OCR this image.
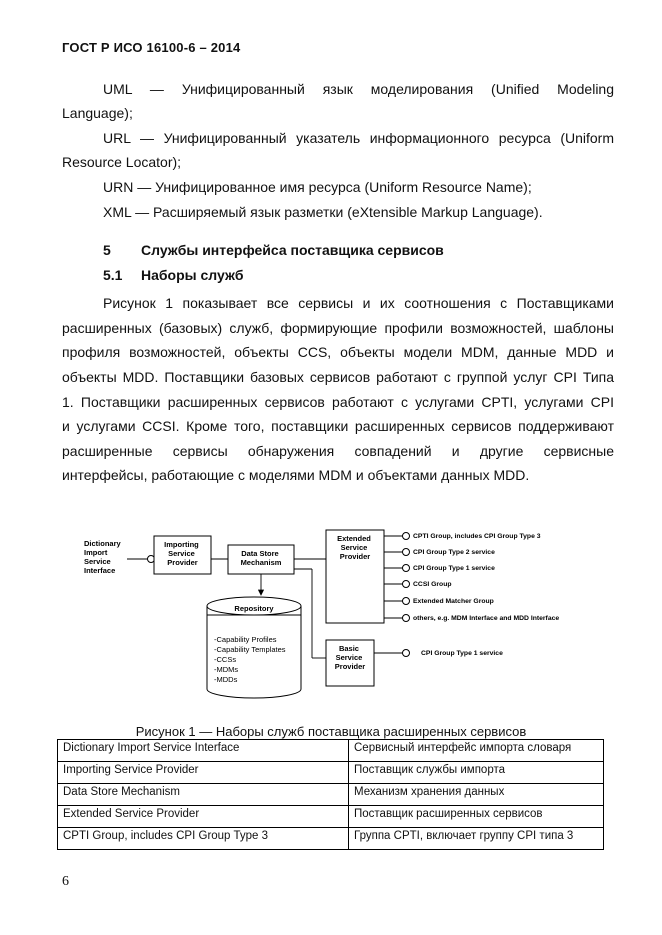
ГОСТ Р ИСО 16100-6 – 2014
UML — Унифицированный язык моделирования (Unified Modeling
Language);
URL — Унифицированный указатель информационного ресурса (Uniform
Resource Locator);
URN — Унифицированное имя ресурса (Uniform Resource Name);
XML — Расширяемый язык разметки (eXtensible Markup Language).
5 Службы интерфейса поставщика сервисов
5.1 Наборы служб
Рисунок 1 показывает все сервисы и их соотношения с Поставщиками
расширенных (базовых) служб, формирующие профили возможностей, шаблоны
профиля возможностей, объекты CCS, объекты модели MDM, данные MDD и
объекты MDD. Поставщики базовых сервисов работают с группой услуг CPI Типа
1. Поставщики расширенных сервисов работают с услугами CPTI, услугами CPI
и услугами CCSI. Кроме того, поставщики расширенных сервисов поддерживают
расширенные сервисы обнаружения совпадений и другие сервисные
интерфейсы, работающие с моделями MDM и объектами данных MDD.
Dictionary Import Service Interface
Importing Service Provider
Data Store Mechanism
Repository
-Capability Profiles -Capability Templates -CCSs -MDMs -MDDs
Extended Service Provider
Basic Service Provider
CPTI Group, includes CPI Group Type 3 CPI Group Type 2 service CPI Group Type 1 service CCSI Group Extended Matcher Group others, e.g. MDM Interface and MDD Interface
CPI Group Type 1 service
Рисунок 1 — Наборы служб поставщика расширенных сервисов
Dictionary Import Service Interface	Сервисный интерфейс импорта словаря
Importing Service Provider	Поставщик службы импорта
Data Store Mechanism	Механизм хранения данных
Extended Service Provider	Поставщик расширенных сервисов
CPTI Group, includes CPI Group Type 3	Группа CPTI, включает группу CPI типа 3
6
